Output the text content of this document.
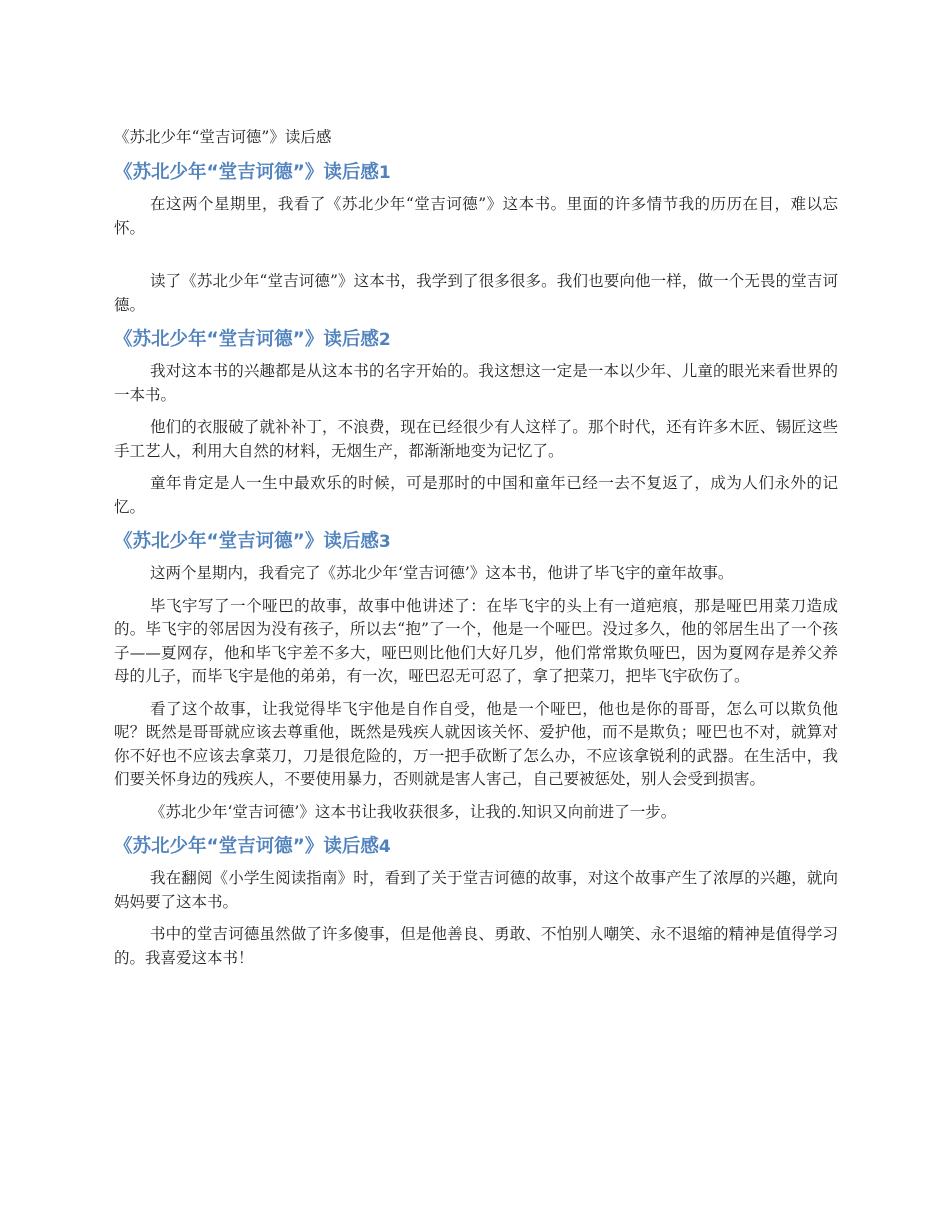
《苏北少年“堂吉诃德”》读后感
《苏北少年“堂吉诃德”》读后感1

在这两个星期里，我看了《苏北少年“堂吉诃德”》这本书。里面的许多情节我的历历在目，难以忘怀。

读了《苏北少年“堂吉诃德”》这本书，我学到了很多很多。我们也要向他一样，做一个无畏的堂吉诃德。

《苏北少年“堂吉诃德”》读后感2

我对这本书的兴趣都是从这本书的名字开始的。我这想这一定是一本以少年、儿童的眼光来看世界的一本书。

他们的衣服破了就补补丁，不浪费，现在已经很少有人这样了。那个时代，还有许多木匠、锡匠这些手工艺人，利用大自然的材料，无烟生产，都渐渐地变为记忆了。

童年肯定是人一生中最欢乐的时候，可是那时的中国和童年已经一去不复返了，成为人们永外的记忆。

《苏北少年“堂吉诃德”》读后感3

这两个星期内，我看完了《苏北少年‘堂吉诃德’》这本书，他讲了毕飞宇的童年故事。

毕飞宇写了一个哑巴的故事，故事中他讲述了：在毕飞宇的头上有一道疤痕，那是哑巴用菜刀造成的。毕飞宇的邻居因为没有孩子，所以去“抱”了一个，他是一个哑巴。没过多久，他的邻居生出了一个孩子——夏网存，他和毕飞宇差不多大，哑巴则比他们大好几岁，他们常常欺负哑巴，因为夏网存是养父养母的儿子，而毕飞宇是他的弟弟，有一次，哑巴忍无可忍了，拿了把菜刀，把毕飞宇砍伤了。

看了这个故事，让我觉得毕飞宇他是自作自受，他是一个哑巴，他也是你的哥哥，怎么可以欺负他呢？既然是哥哥就应该去尊重他，既然是残疾人就因该关怀、爱护他，而不是欺负；哑巴也不对，就算对你不好也不应该去拿菜刀，刀是很危险的，万一把手砍断了怎么办，不应该拿锐利的武器。在生活中，我们要关怀身边的残疾人，不要使用暴力，否则就是害人害己，自己要被惩处，别人会受到损害。

《苏北少年‘堂吉诃德’》这本书让我收获很多，让我的.知识又向前进了一步。

《苏北少年“堂吉诃德”》读后感4

我在翻阅《小学生阅读指南》时，看到了关于堂吉诃德的故事，对这个故事产生了浓厚的兴趣，就向妈妈要了这本书。

书中的堂吉诃德虽然做了许多傻事，但是他善良、勇敢、不怕别人嘲笑、永不退缩的精神是值得学习的。我喜爱这本书！
